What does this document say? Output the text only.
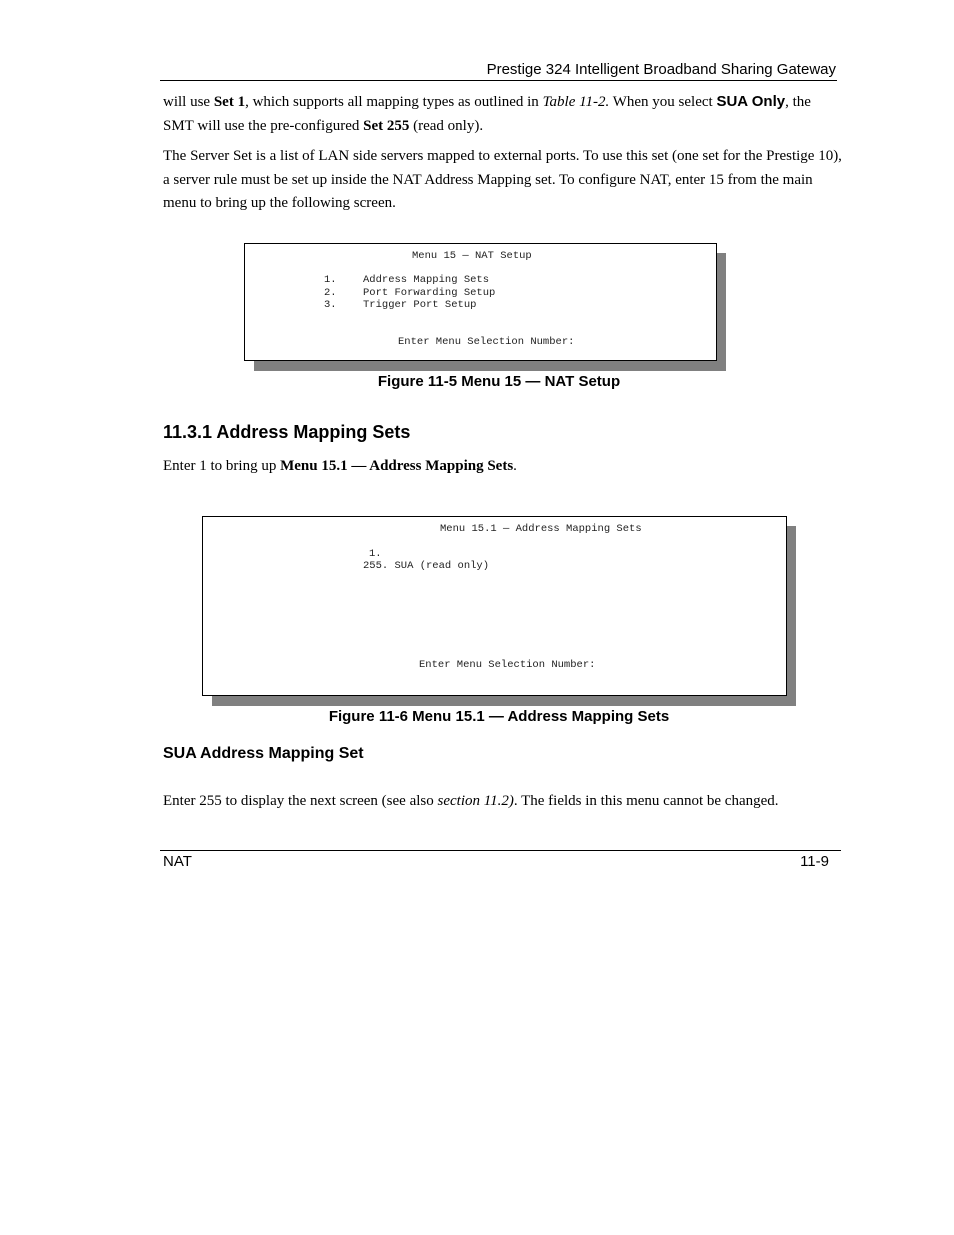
Prestige 324 Intelligent Broadband Sharing Gateway
will use Set 1, which supports all mapping types as outlined in Table 11-2. When you select SUA Only, the SMT will use the pre-configured Set 255 (read only).
The Server Set is a list of LAN side servers mapped to external ports. To use this set (one set for the Prestige 10), a server rule must be set up inside the NAT Address Mapping set. To configure NAT, enter 15 from the main menu to bring up the following screen.
Menu 15 — NAT Setup
1.	Address Mapping Sets
2.	Port Forwarding Setup
3.	Trigger Port Setup
Enter Menu Selection Number:
Figure 11-5 Menu 15 — NAT Setup
11.3.1 Address Mapping Sets
Enter 1 to bring up Menu 15.1 — Address Mapping Sets.
Menu 15.1 — Address Mapping Sets
1.
255. SUA (read only)
Enter Menu Selection Number:
Figure 11-6 Menu 15.1 — Address Mapping Sets
SUA Address Mapping Set
Enter 255 to display the next screen (see also section 11.2). The fields in this menu cannot be changed.
NAT	11-9
